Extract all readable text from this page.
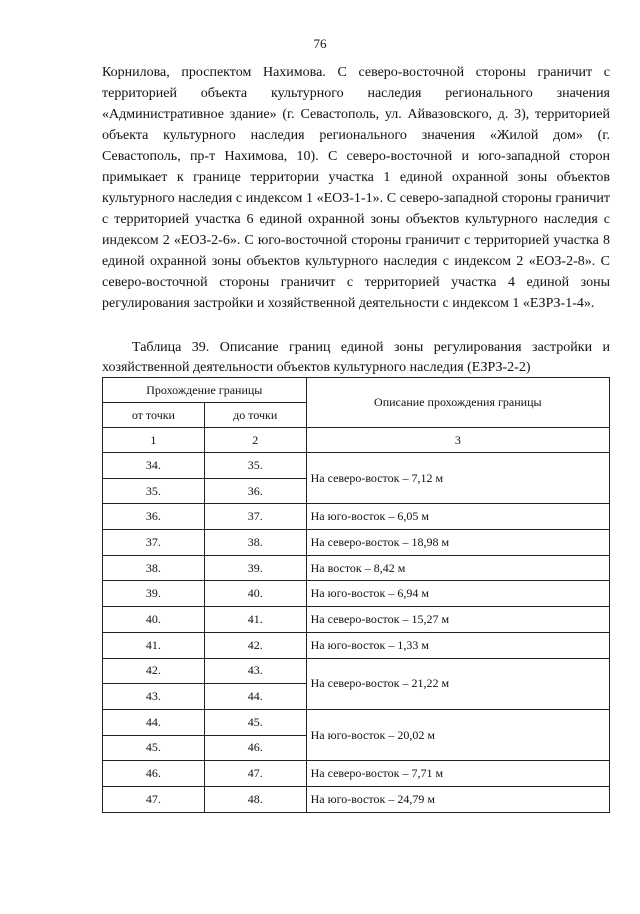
76

Корнилова, проспектом Нахимова. С северо-восточной стороны граничит с территорией объекта культурного наследия регионального значения «Административное здание» (г. Севастополь, ул. Айвазовского, д. 3), территорией объекта культурного наследия регионального значения «Жилой дом» (г. Севастополь, пр-т Нахимова, 10). С северо-восточной и юго-западной сторон примыкает к границе территории участка 1 единой охранной зоны объектов культурного наследия с индексом 1 «ЕОЗ-1-1». С северо-западной стороны граничит с территорией участка 6 единой охранной зоны объектов культурного наследия с индексом 2 «ЕОЗ-2-6». С юго-восточной стороны граничит с территорией участка 8 единой охранной зоны объектов культурного наследия с индексом 2 «ЕОЗ-2-8». С северо-восточной стороны граничит с территорией участка 4 единой зоны регулирования застройки и хозяйственной деятельности с индексом 1 «ЕЗРЗ-1-4».

Таблица 39. Описание границ единой зоны регулирования застройки и хозяйственной деятельности объектов культурного наследия (ЕЗРЗ-2-2)

Прохождение границы		Описание прохождения границы
от точки	до точки	
1	2	3
34.	35.	На северо-восток – 7,12 м
35.	36.	
36.	37.	На юго-восток – 6,05 м
37.	38.	На северо-восток – 18,98 м
38.	39.	На восток – 8,42 м
39.	40.	На юго-восток – 6,94 м
40.	41.	На северо-восток – 15,27 м
41.	42.	На юго-восток – 1,33 м
42.	43.	На северо-восток – 21,22 м
43.	44.	
44.	45.	На юго-восток – 20,02 м
45.	46.	
46.	47.	На северо-восток – 7,71 м
47.	48.	На юго-восток – 24,79 м
